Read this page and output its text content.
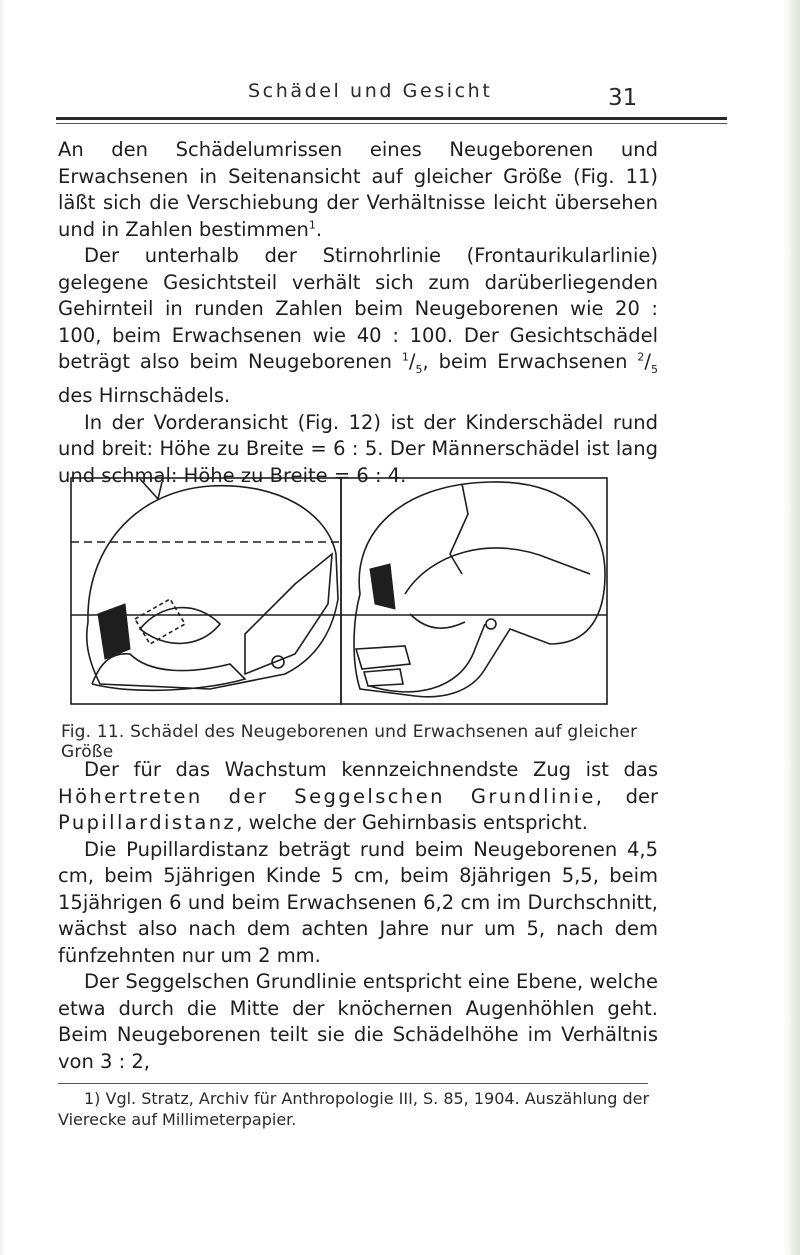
Schädel und Gesicht	31

An den Schädelumrissen eines Neugeborenen und Erwachsenen in Seitenansicht auf gleicher Größe (Fig. 11) läßt sich die Verschiebung der Verhältnisse leicht übersehen und in Zahlen bestimmen$^1$.

Der unterhalb der Stirnohrlinie (Frontaurikularlinie) gelegene Gesichtsteil verhält sich zum darüberliegenden Gehirnteil in runden Zahlen beim Neugeborenen wie 20 : 100, beim Erwachsenen wie 40 : 100. Der Gesichtschädel beträgt also beim Neugeborenen $^1/_5$, beim Erwachsenen $^2/_5$ des Hirnschädels.

In der Vorderansicht (Fig. 12) ist der Kinderschädel rund und breit: Höhe zu Breite = 6 : 5. Der Männerschädel ist lang und schmal: Höhe zu Breite = 6 : 4.

Fig. 11. Schädel des Neugeborenen und Erwachsenen auf gleicher Größe

Der für das Wachstum kennzeichnendste Zug ist das Höhertreten der Seggelschen Grundlinie, der Pupillardistanz, welche der Gehirnbasis entspricht.

Die Pupillardistanz beträgt rund beim Neugeborenen 4,5 cm, beim 5jährigen Kinde 5 cm, beim 8jährigen 5,5, beim 15jährigen 6 und beim Erwachsenen 6,2 cm im Durchschnitt, wächst also nach dem achten Jahre nur um 5, nach dem fünfzehnten nur um 2 mm.

Der Seggelschen Grundlinie entspricht eine Ebene, welche etwa durch die Mitte der knöchernen Augenhöhlen geht. Beim Neugeborenen teilt sie die Schädelhöhe im Verhältnis von 3 : 2,

1) Vgl. Stratz, Archiv für Anthropologie III, S. 85, 1904. Auszählung der Vierecke auf Millimeterpapier.
